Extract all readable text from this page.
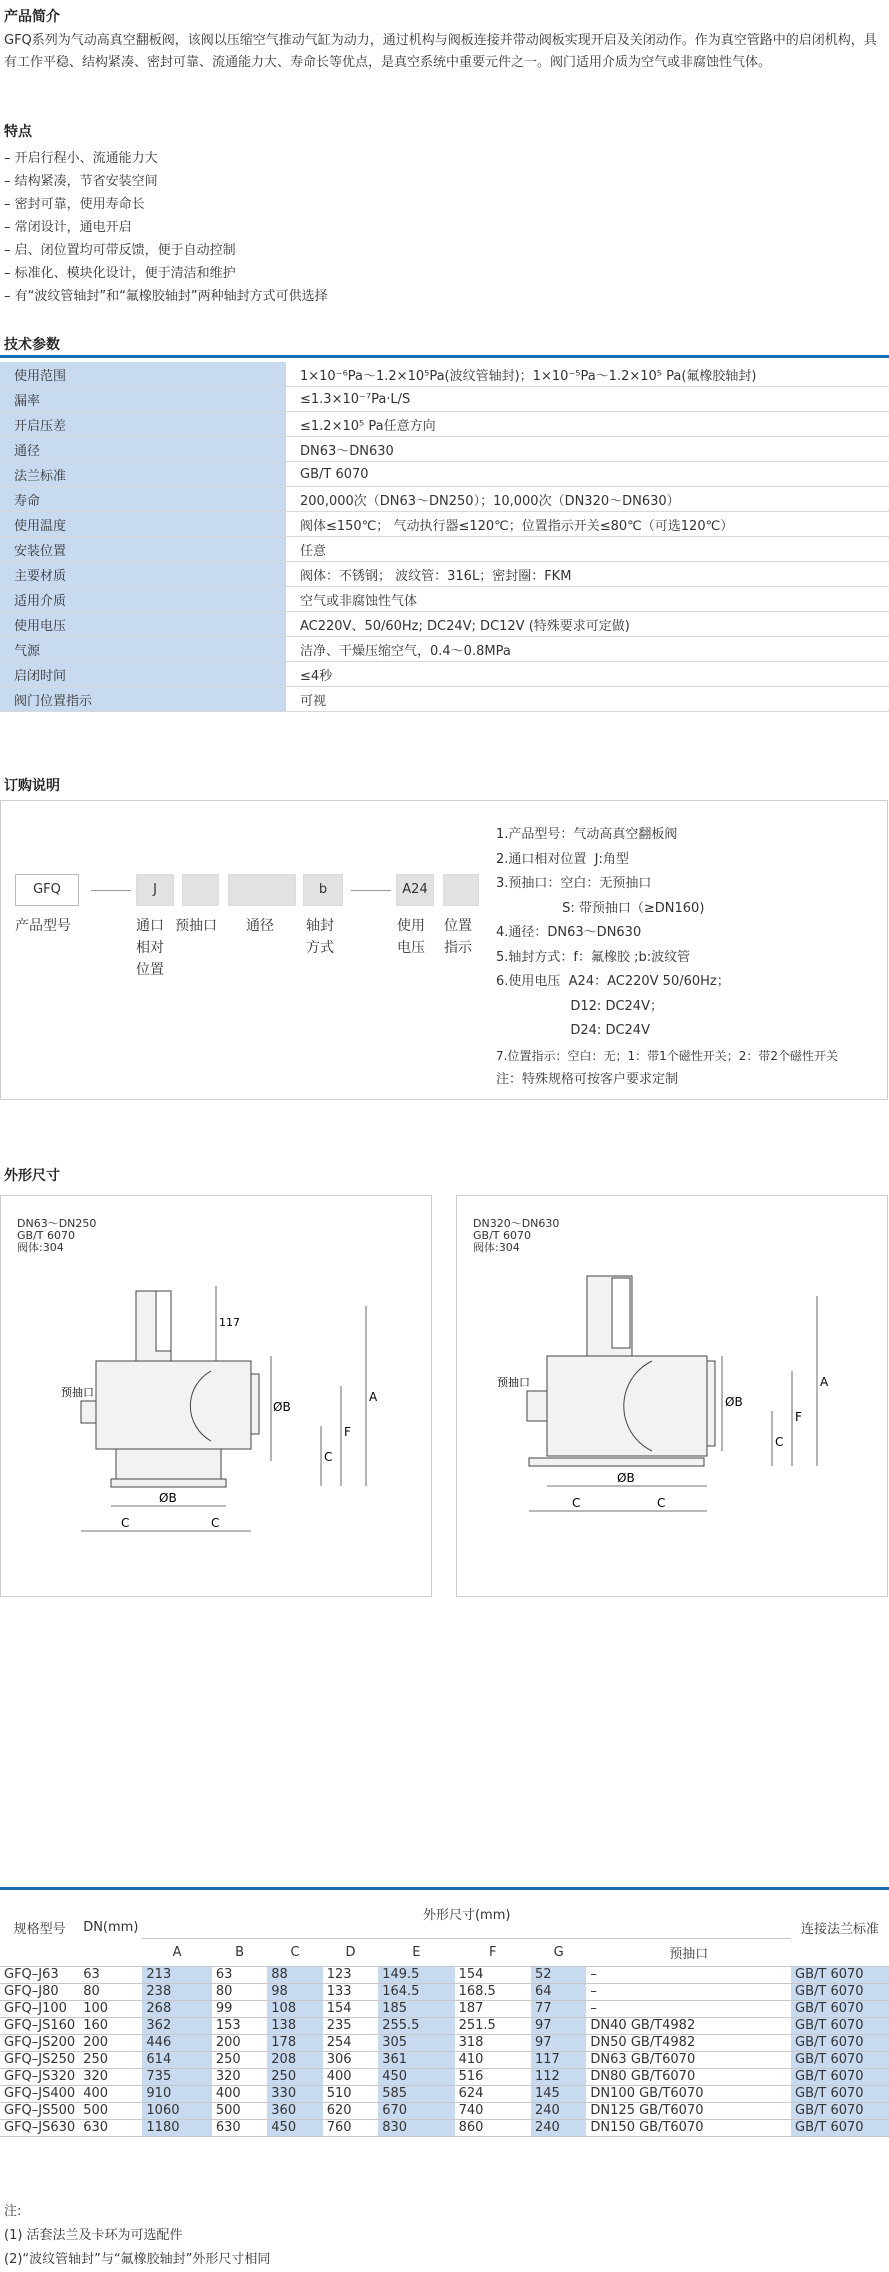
产品简介
GFQ系列为气动高真空翻板阀，该阀以压缩空气推动气缸为动力，通过机构与阀板连接并带动阀板实现开启及关闭动作。作为真空管路中的启闭机构，具有工作平稳、结构紧凑、密封可靠、流通能力大、寿命长等优点，是真空系统中重要元件之一。阀门适用介质为空气或非腐蚀性气体。
特点
– 开启行程小、流通能力大
– 结构紧凑，节省安装空间
– 密封可靠，使用寿命长
– 常闭设计，通电开启
– 启、闭位置均可带反馈，便于自动控制
– 标准化、模块化设计，便于清洁和维护
– 有“波纹管轴封”和“氟橡胶轴封”两种轴封方式可供选择
技术参数
使用范围	1×10⁻⁶Pa～1.2×10⁵Pa(波纹管轴封)；1×10⁻⁵Pa～1.2×10⁵ Pa(氟橡胶轴封)
漏率	≤1.3×10⁻⁷Pa·L/S
开启压差	≤1.2×10⁵ Pa任意方向
通径	DN63～DN630
法兰标准	GB/T 6070
寿命	200,000次（DN63～DN250）；10,000次（DN320～DN630）
使用温度	阀体≤150℃； 气动执行器≤120℃；位置指示开关≤80℃（可选120℃）
安装位置	任意
主要材质	阀体：不锈钢； 波纹管：316L；密封圈：FKM
适用介质	空气或非腐蚀性气体
使用电压	AC220V、50/60Hz; DC24V; DC12V (特殊要求可定做)
气源	洁净、干燥压缩空气，0.4～0.8MPa
启闭时间	≤4秒
阀门位置指示	可视
订购说明
GFQ	J	b	A24
产品型号	通口
相对
位置
预抽口 通径 轴封
方式
使用
电压
位置
指示
1.产品型号：气动高真空翻板阀
2.通口相对位置  J:角型
3.预抽口：空白：无预抽口
S: 带预抽口（≥DN160)
4.通径：DN63～DN630
5.轴封方式：f：氟橡胶 ;b:波纹管
6.使用电压  A24：AC220V 50/60Hz；
D12: DC24V；
D24: DC24V
7.位置指示：空白：无；1：带1个磁性开关；2：带2个磁性开关
注：特殊规格可按客户要求定制
外形尺寸
DN63～DN250
GB/T 6070
阀体:304
A
F
C
ØB
ØB
C	C
117
预抽口
DN320～DN630
GB/T 6070
阀体:304
A
F
C
ØB
ØB
C	C
预抽口
规格型号	DN(mm)	外形尺寸(mm)								连接法兰标准
		A	B	C	D	E	F	G	预抽口	
GFQ–J63	63	213	63	88	123	149.5	154	52	–	GB/T 6070
GFQ–J80	80	238	80	98	133	164.5	168.5	64	–	GB/T 6070
GFQ–J100	100	268	99	108	154	185	187	77	–	GB/T 6070
GFQ–JS160	160	362	153	138	235	255.5	251.5	97	DN40 GB/T4982	GB/T 6070
GFQ–JS200	200	446	200	178	254	305	318	97	DN50 GB/T4982	GB/T 6070
GFQ–JS250	250	614	250	208	306	361	410	117	DN63 GB/T6070	GB/T 6070
GFQ–JS320	320	735	320	250	400	450	516	112	DN80 GB/T6070	GB/T 6070
GFQ–JS400	400	910	400	330	510	585	624	145	DN100 GB/T6070	GB/T 6070
GFQ–JS500	500	1060	500	360	620	670	740	240	DN125 GB/T6070	GB/T 6070
GFQ–JS630	630	1180	630	450	760	830	860	240	DN150 GB/T6070	GB/T 6070
注:
(1) 活套法兰及卡环为可选配件
(2)“波纹管轴封”与“氟橡胶轴封”外形尺寸相同
